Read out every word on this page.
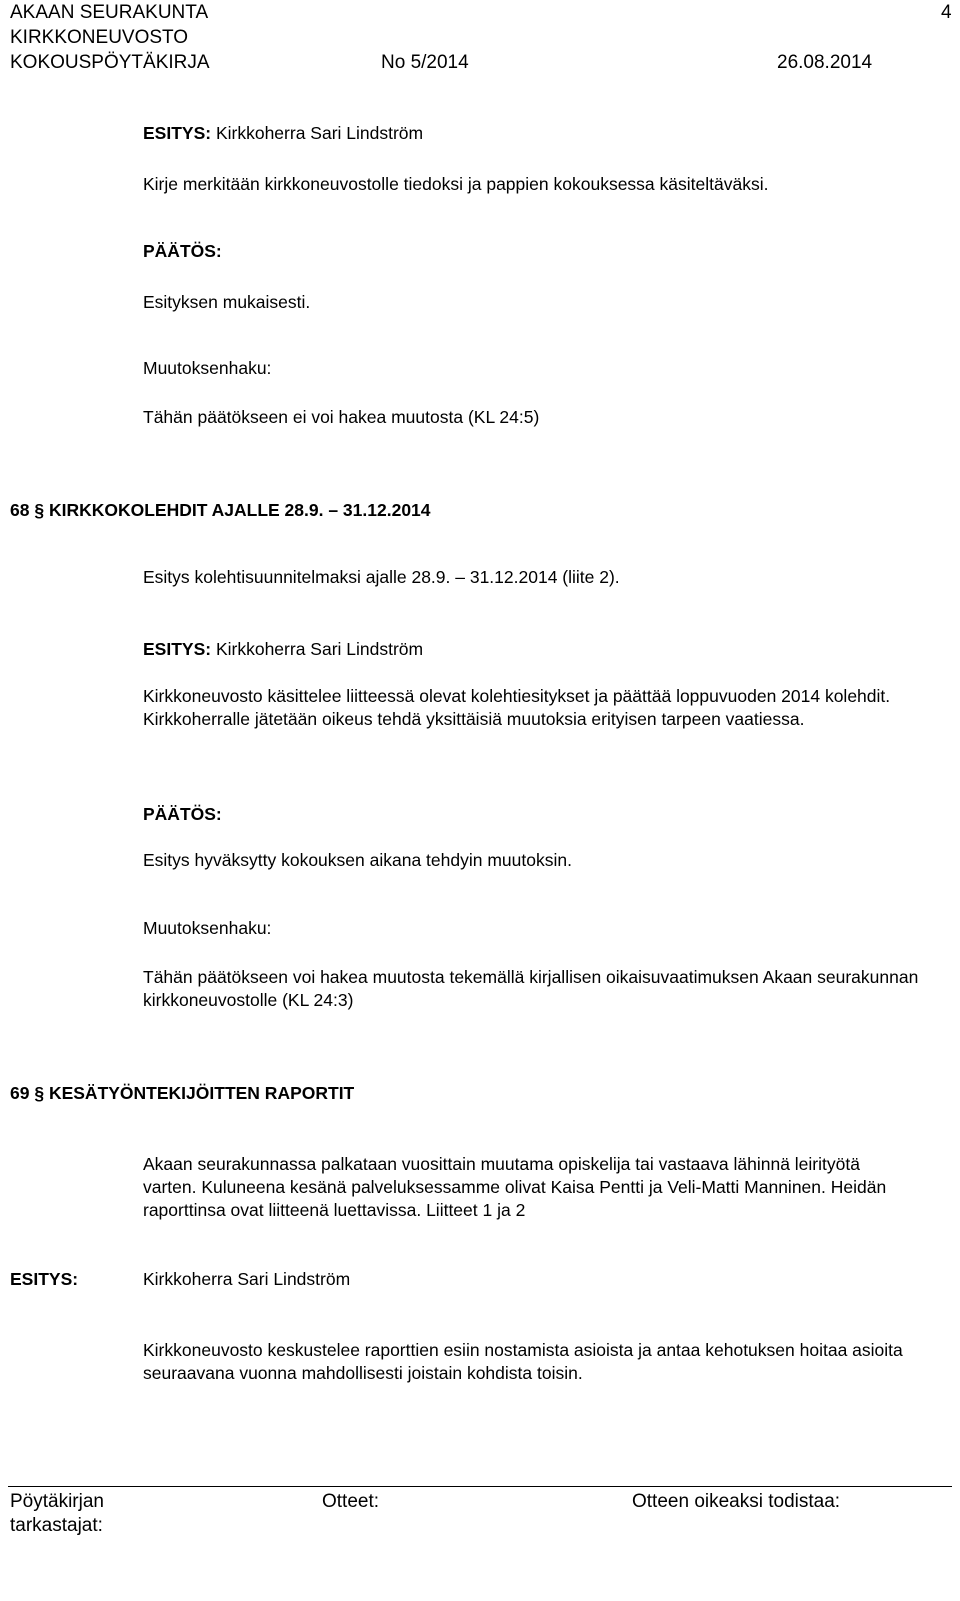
AKAAN SEURAKUNTA
KIRKKONEUVOSTO
KOKOUSPÖYTÄKIRJA	No 5/2014	26.08.2014
4
ESITYS: Kirkkoherra Sari Lindström
Kirje merkitään kirkkoneuvostolle tiedoksi ja pappien kokouksessa käsiteltäväksi.
PÄÄTÖS:
Esityksen mukaisesti.
Muutoksenhaku:
Tähän päätökseen ei voi hakea muutosta (KL 24:5)
68 § KIRKKOKOLEHDIT AJALLE 28.9. – 31.12.2014
Esitys kolehtisuunnitelmaksi ajalle 28.9. – 31.12.2014 (liite 2).
ESITYS: Kirkkoherra Sari Lindström
Kirkkoneuvosto käsittelee liitteessä olevat kolehtiesitykset ja päättää loppuvuoden 2014 kolehdit. Kirkkoherralle jätetään oikeus tehdä yksittäisiä muutoksia erityisen tarpeen vaatiessa.
PÄÄTÖS:
Esitys hyväksytty kokouksen aikana tehdyin muutoksin.
Muutoksenhaku:
Tähän päätökseen voi hakea muutosta tekemällä kirjallisen oikaisuvaatimuksen Akaan seurakunnan kirkkoneuvostolle (KL 24:3)
69 § KESÄTYÖNTEKIJÖITTEN RAPORTIT
Akaan seurakunnassa palkataan vuosittain muutama opiskelija tai vastaava lähinnä leirityötä varten. Kuluneena kesänä palveluksessamme olivat Kaisa Pentti ja Veli-Matti Manninen. Heidän raporttinsa ovat liitteenä luettavissa. Liitteet 1 ja 2
ESITYS:	Kirkkoherra Sari Lindström
Kirkkoneuvosto keskustelee raporttien esiin nostamista asioista ja antaa kehotuksen hoitaa asioita seuraavana vuonna mahdollisesti joistain kohdista toisin.
Pöytäkirjan tarkastajat:
Otteet:	Otteen oikeaksi todistaa:
